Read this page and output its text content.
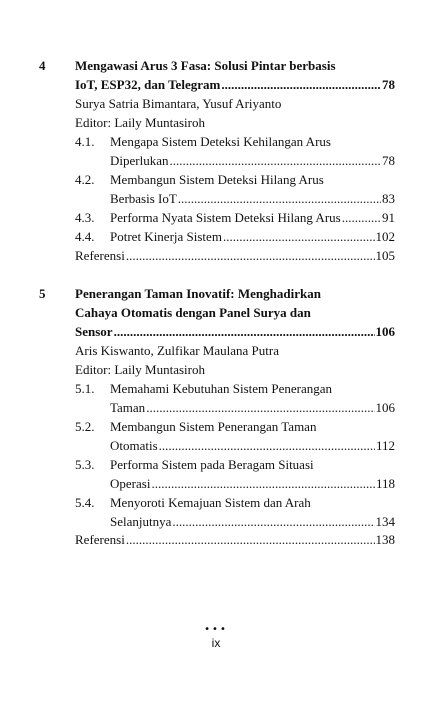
4 Mengawasi Arus 3 Fasa: Solusi Pintar berbasis
IoT, ESP32, dan Telegram .....	78
Surya Satria Bimantara, Yusuf Ariyanto
Editor: Laily Muntasiroh
4.1. Mengapa Sistem Deteksi Kehilangan Arus
Diperlukan .....	78
4.2. Membangun Sistem Deteksi Hilang Arus
Berbasis IoT .....	83
4.3. Performa Nyata Sistem Deteksi Hilang Arus .....	91
4.4. Potret Kinerja Sistem .....	102
Referensi .....	105
5 Penerangan Taman Inovatif: Menghadirkan
Cahaya Otomatis dengan Panel Surya dan
Sensor .....	106
Aris Kiswanto, Zulfikar Maulana Putra
Editor: Laily Muntasiroh
5.1. Memahami Kebutuhan Sistem Penerangan
Taman .....	106
5.2. Membangun Sistem Penerangan Taman
Otomatis .....	112
5.3. Performa Sistem pada Beragam Situasi
Operasi .....	118
5.4. Menyoroti Kemajuan Sistem dan Arah
Selanjutnya .....	134
Referensi .....	138
•••
ix
